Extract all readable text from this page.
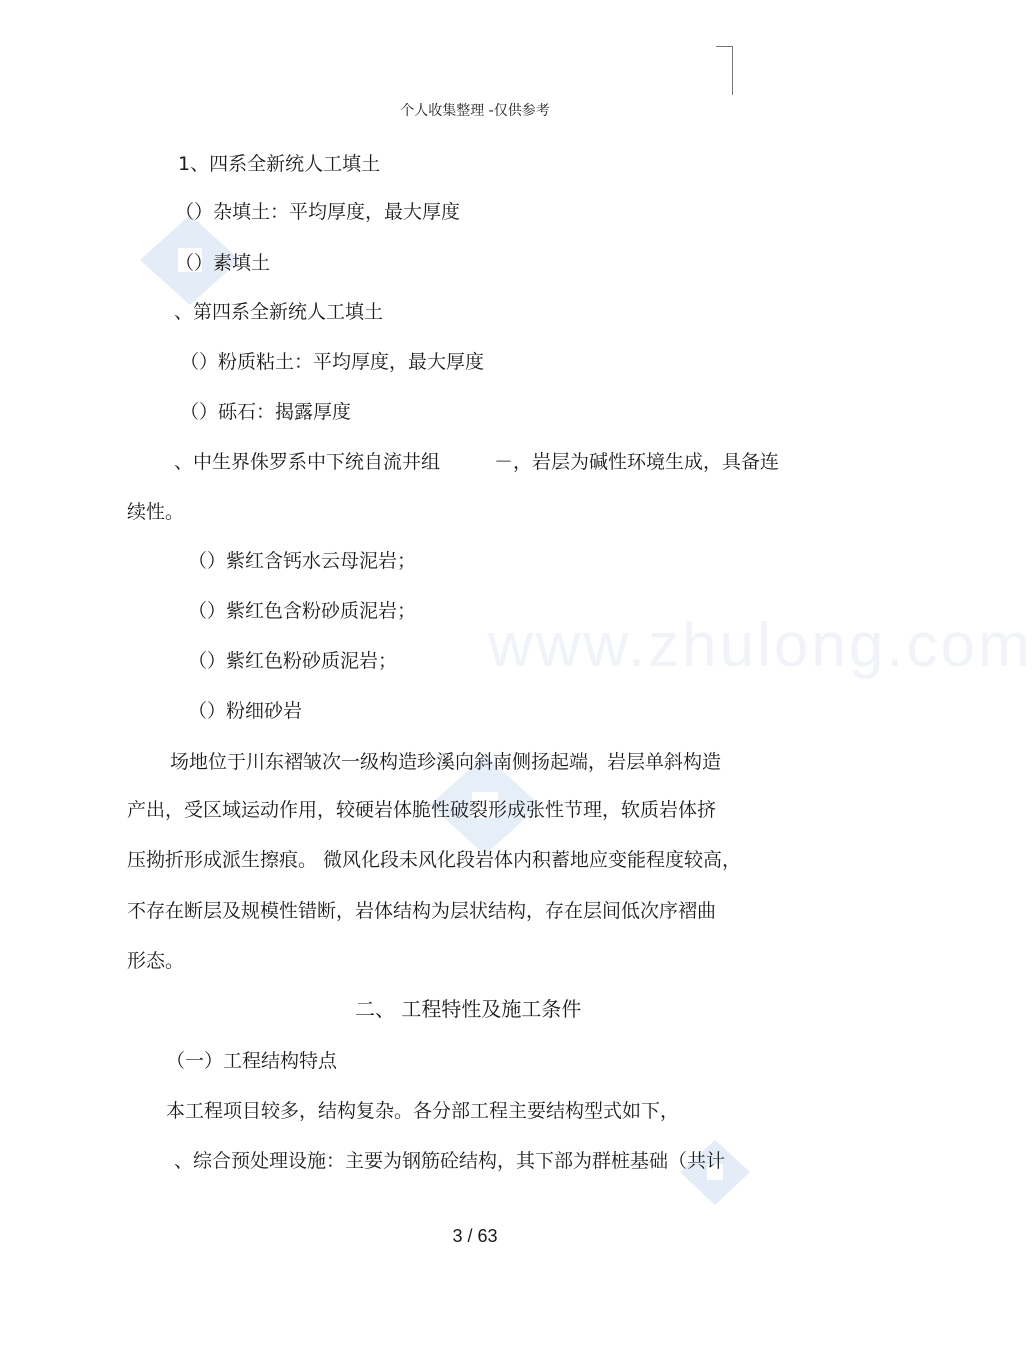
www.zhulong.com
个人收集整理 -仅供参考
1、四系全新统人工填土
（）杂填土：平均厚度，最大厚度
（）素填土
、第四系全新统人工填土
（）粉质粘土：平均厚度，最大厚度
（）砾石：揭露厚度
、中生界侏罗系中下统自流井组	－，岩层为碱性环境生成，具备连
续性。
（）紫红含钙水云母泥岩；
（）紫红色含粉砂质泥岩；
（）紫红色粉砂质泥岩；
（）粉细砂岩
场地位于川东褶皱次一级构造珍溪向斜南侧扬起端，岩层单斜构造
产出，受区域运动作用，较硬岩体脆性破裂形成张性节理，软质岩体挤
压拗折形成派生擦痕。 微风化段未风化段岩体内积蓄地应变能程度较高，
不存在断层及规模性错断，岩体结构为层状结构，存在层间低次序褶曲
形态。
二、 工程特性及施工条件
（一）工程结构特点
本工程项目较多，结构复杂。各分部工程主要结构型式如下，
、综合预处理设施：主要为钢筋砼结构，其下部为群桩基础（共计
3 / 63
